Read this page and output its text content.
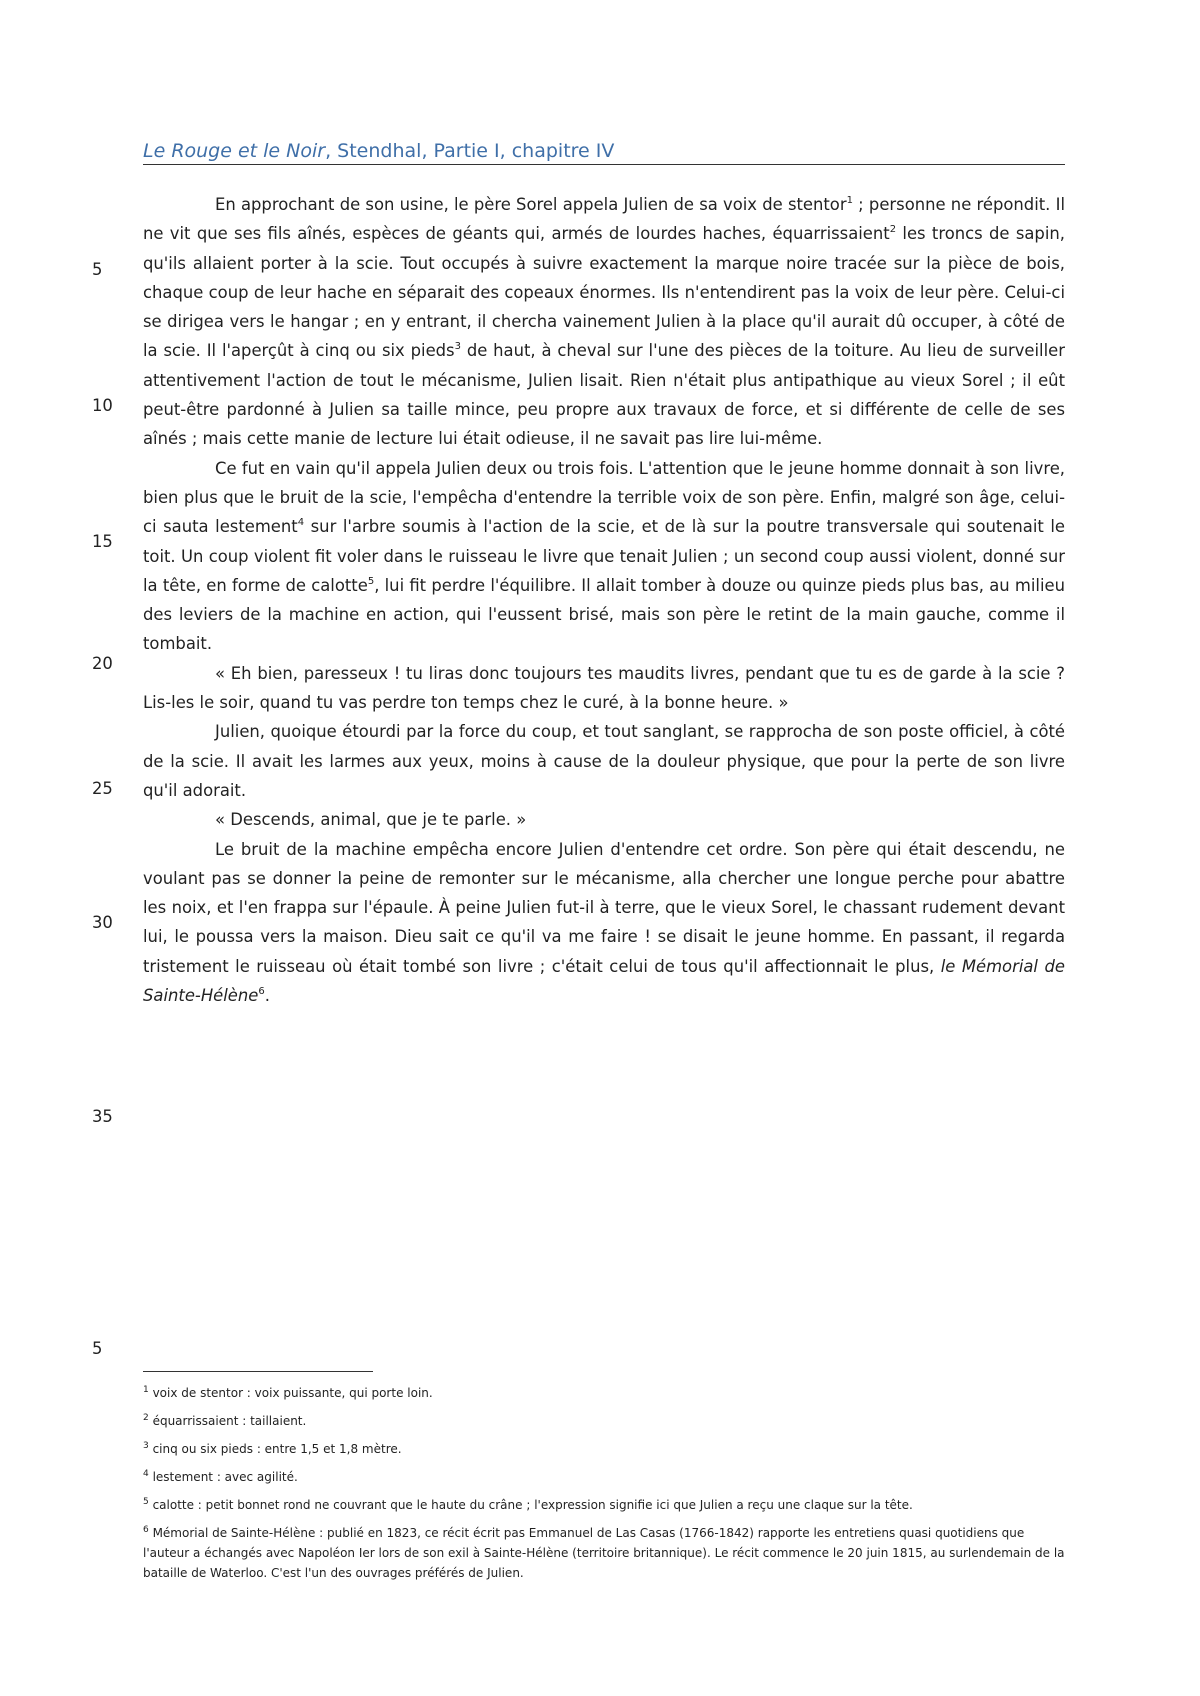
Le Rouge et le Noir, Stendhal, Partie I, chapitre IV
5
10
15
20
25
30
35
5

En approchant de son usine, le père Sorel appela Julien de sa voix de stentor$^1$ ; personne ne répondit. Il ne vit que ses fils aînés, espèces de géants qui, armés de lourdes haches, équarrissaient$^2$ les troncs de sapin, qu'ils allaient porter à la scie. Tout occupés à suivre exactement la marque noire tracée sur la pièce de bois, chaque coup de leur hache en séparait des copeaux énormes. Ils n'entendirent pas la voix de leur père. Celui-ci se dirigea vers le hangar ; en y entrant, il chercha vainement Julien à la place qu'il aurait dû occuper, à côté de la scie. Il l'aperçût à cinq ou six pieds$^3$ de haut, à cheval sur l'une des pièces de la toiture. Au lieu de surveiller attentivement l'action de tout le mécanisme, Julien lisait. Rien n'était plus antipathique au vieux Sorel ; il eût peut-être pardonné à Julien sa taille mince, peu propre aux travaux de force, et si différente de celle de ses aînés ; mais cette manie de lecture lui était odieuse, il ne savait pas lire lui-même.

Ce fut en vain qu'il appela Julien deux ou trois fois. L'attention que le jeune homme donnait à son livre, bien plus que le bruit de la scie, l'empêcha d'entendre la terrible voix de son père. Enfin, malgré son âge, celui-ci sauta lestement$^4$ sur l'arbre soumis à l'action de la scie, et de là sur la poutre transversale qui soutenait le toit. Un coup violent fit voler dans le ruisseau le livre que tenait Julien ; un second coup aussi violent, donné sur la tête, en forme de calotte$^5$, lui fit perdre l'équilibre. Il allait tomber à douze ou quinze pieds plus bas, au milieu des leviers de la machine en action, qui l'eussent brisé, mais son père le retint de la main gauche, comme il tombait.

« Eh bien, paresseux ! tu liras donc toujours tes maudits livres, pendant que tu es de garde à la scie ? Lis-les le soir, quand tu vas perdre ton temps chez le curé, à la bonne heure. »

Julien, quoique étourdi par la force du coup, et tout sanglant, se rapprocha de son poste officiel, à côté de la scie. Il avait les larmes aux yeux, moins à cause de la douleur physique, que pour la perte de son livre qu'il adorait.

« Descends, animal, que je te parle. »

Le bruit de la machine empêcha encore Julien d'entendre cet ordre. Son père qui était descendu, ne voulant pas se donner la peine de remonter sur le mécanisme, alla chercher une longue perche pour abattre les noix, et l'en frappa sur l'épaule. À peine Julien fut-il à terre, que le vieux Sorel, le chassant rudement devant lui, le poussa vers la maison. Dieu sait ce qu'il va me faire ! se disait le jeune homme. En passant, il regarda tristement le ruisseau où était tombé son livre ; c'était celui de tous qu'il affectionnait le plus, le Mémorial de Sainte-Hélène$^6$.

$^1$ voix de stentor : voix puissante, qui porte loin.
$^2$ équarrissaient : taillaient.
$^3$ cinq ou six pieds : entre 1,5 et 1,8 mètre.
$^4$ lestement : avec agilité.
$^5$ calotte : petit bonnet rond ne couvrant que le haute du crâne ; l'expression signifie ici que Julien a reçu une claque sur la tête.
$^6$ Mémorial de Sainte-Hélène : publié en 1823, ce récit écrit pas Emmanuel de Las Casas (1766-1842) rapporte les entretiens quasi quotidiens que l'auteur a échangés avec Napoléon Ier lors de son exil à Sainte-Hélène (territoire britannique). Le récit commence le 20 juin 1815, au surlendemain de la bataille de Waterloo. C'est l'un des ouvrages préférés de Julien.
